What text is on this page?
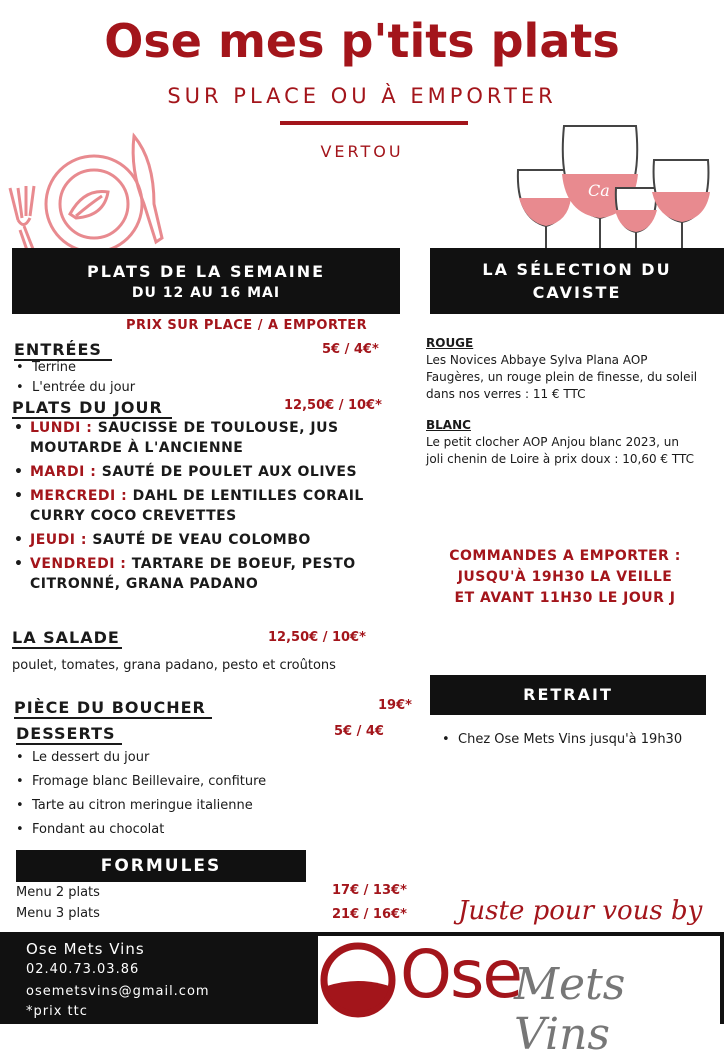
Ose mes p'tits plats
SUR PLACE OU À EMPORTER
VERTOU
Ca
PLATS DE LA SEMAINE
DU 12 AU 16 MAI
PRIX SUR PLACE / A EMPORTER
ENTRÉES	5€ / 4€*
• Terrine
• L'entrée du jour
PLATS DU JOUR	12,50€ / 10€*
• LUNDI : SAUCISSE DE TOULOUSE, JUS MOUTARDE À L'ANCIENNE
• MARDI : SAUTÉ DE POULET AUX OLIVES
• MERCREDI : DAHL DE LENTILLES CORAIL CURRY COCO CREVETTES
• JEUDI : SAUTÉ DE VEAU COLOMBO
• VENDREDI : TARTARE DE BOEUF, PESTO CITRONNÉ, GRANA PADANO
LA SALADE	12,50€ / 10€*
poulet, tomates, grana padano, pesto et croûtons
PIÈCE DU BOUCHER	19€*
DESSERTS	5€ / 4€
• Le dessert du jour
• Fromage blanc Beillevaire, confiture
• Tarte au citron meringue italienne
• Fondant au chocolat
FORMULES
Menu 2 plats	17€ / 13€*
Menu 3 plats	21€ / 16€*
LA SÉLECTION DU
CAVISTE
ROUGE
Les Novices Abbaye Sylva Plana AOP Faugères, un rouge plein de finesse, du soleil dans nos verres : 11 € TTC
BLANC
Le petit clocher AOP Anjou blanc 2023, un joli chenin de Loire à prix doux : 10,60 € TTC
COMMANDES A EMPORTER :
JUSQU'À 19H30 LA VEILLE
ET AVANT 11H30 LE JOUR J
RETRAIT
• Chez Ose Mets Vins jusqu'à 19h30
Juste pour vous by
Ose Mets Vins
02.40.73.03.86
osemetsvins@gmail.com
*prix ttc	Ose
Mets Vins
